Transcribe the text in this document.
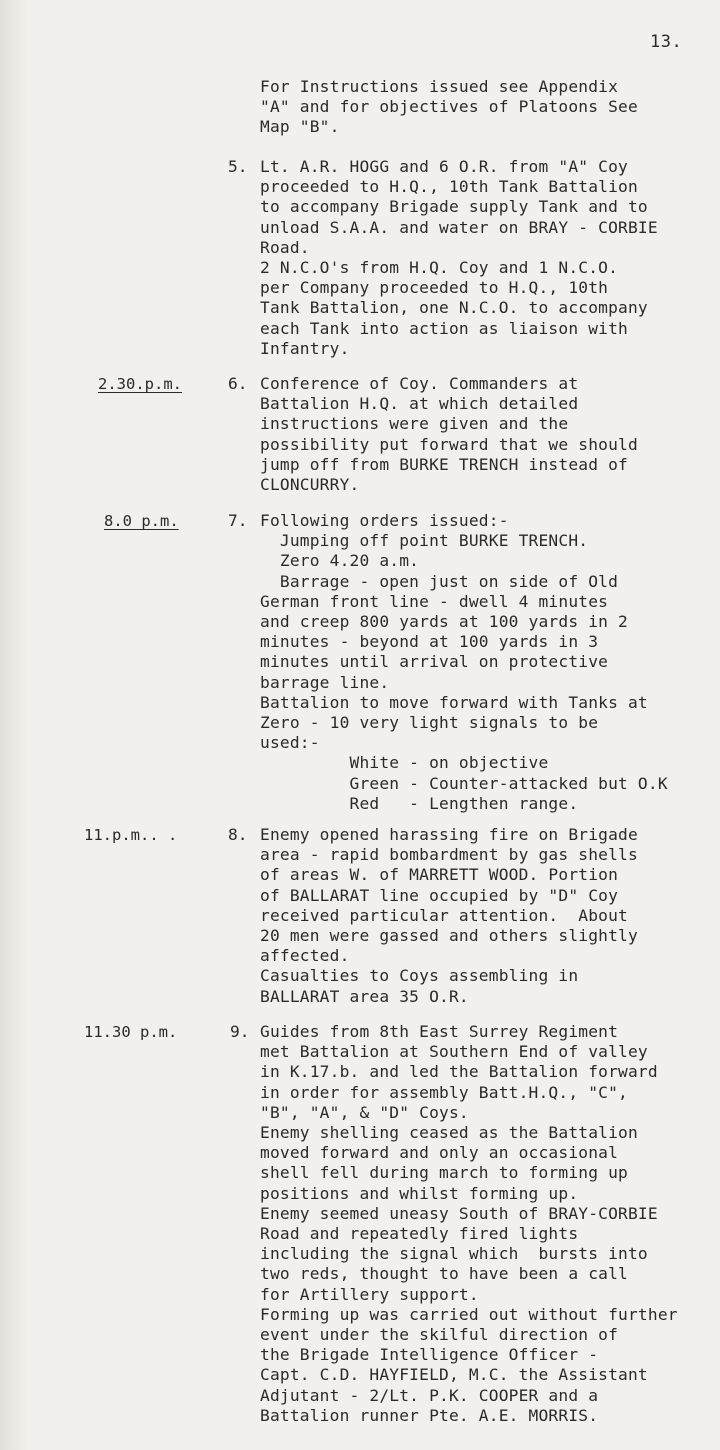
13.
For Instructions issued see Appendix
"A" and for objectives of Platoons See
Map "B".
5. Lt. A.R. HOGG and 6 O.R. from "A" Coy
proceeded to H.Q., 10th Tank Battalion
to accompany Brigade supply Tank and to
unload S.A.A. and water on BRAY - CORBIE
Road.
2 N.C.O's from H.Q. Coy and 1 N.C.O.
per Company proceeded to H.Q., 10th
Tank Battalion, one N.C.O. to accompany
each Tank into action as liaison with
Infantry.
2.30.p.m.	6. Conference of Coy. Commanders at
Battalion H.Q. at which detailed
instructions were given and the
possibility put forward that we should
jump off from BURKE TRENCH instead of
CLONCURRY.
8.0 p.m.	7. Following orders issued:-
Jumping off point BURKE TRENCH.
Zero 4.20 a.m.
Barrage - open just on side of Old
German front line - dwell 4 minutes
and creep 800 yards at 100 yards in 2
minutes - beyond at 100 yards in 3
minutes until arrival on protective
barrage line.
Battalion to move forward with Tanks at
Zero - 10 very light signals to be
used:-
White - on objective
Green - Counter-attacked but O.K
Red   - Lengthen range.
11.p.m.. .	8. Enemy opened harassing fire on Brigade
area - rapid bombardment by gas shells
of areas W. of MARRETT WOOD. Portion
of BALLARAT line occupied by "D" Coy
received particular attention.  About
20 men were gassed and others slightly
affected.
Casualties to Coys assembling in
BALLARAT area 35 O.R.
11.30 p.m.	9. Guides from 8th East Surrey Regiment
met Battalion at Southern End of valley
in K.17.b. and led the Battalion forward
in order for assembly Batt.H.Q., "C",
"B", "A", & "D" Coys.
Enemy shelling ceased as the Battalion
moved forward and only an occasional
shell fell during march to forming up
positions and whilst forming up.
Enemy seemed uneasy South of BRAY-CORBIE
Road and repeatedly fired lights
including the signal which  bursts into
two reds, thought to have been a call
for Artillery support.
Forming up was carried out without further
event under the skilful direction of
the Brigade Intelligence Officer -
Capt. C.D. HAYFIELD, M.C. the Assistant
Adjutant - 2/Lt. P.K. COOPER and a
Battalion runner Pte. A.E. MORRIS.
